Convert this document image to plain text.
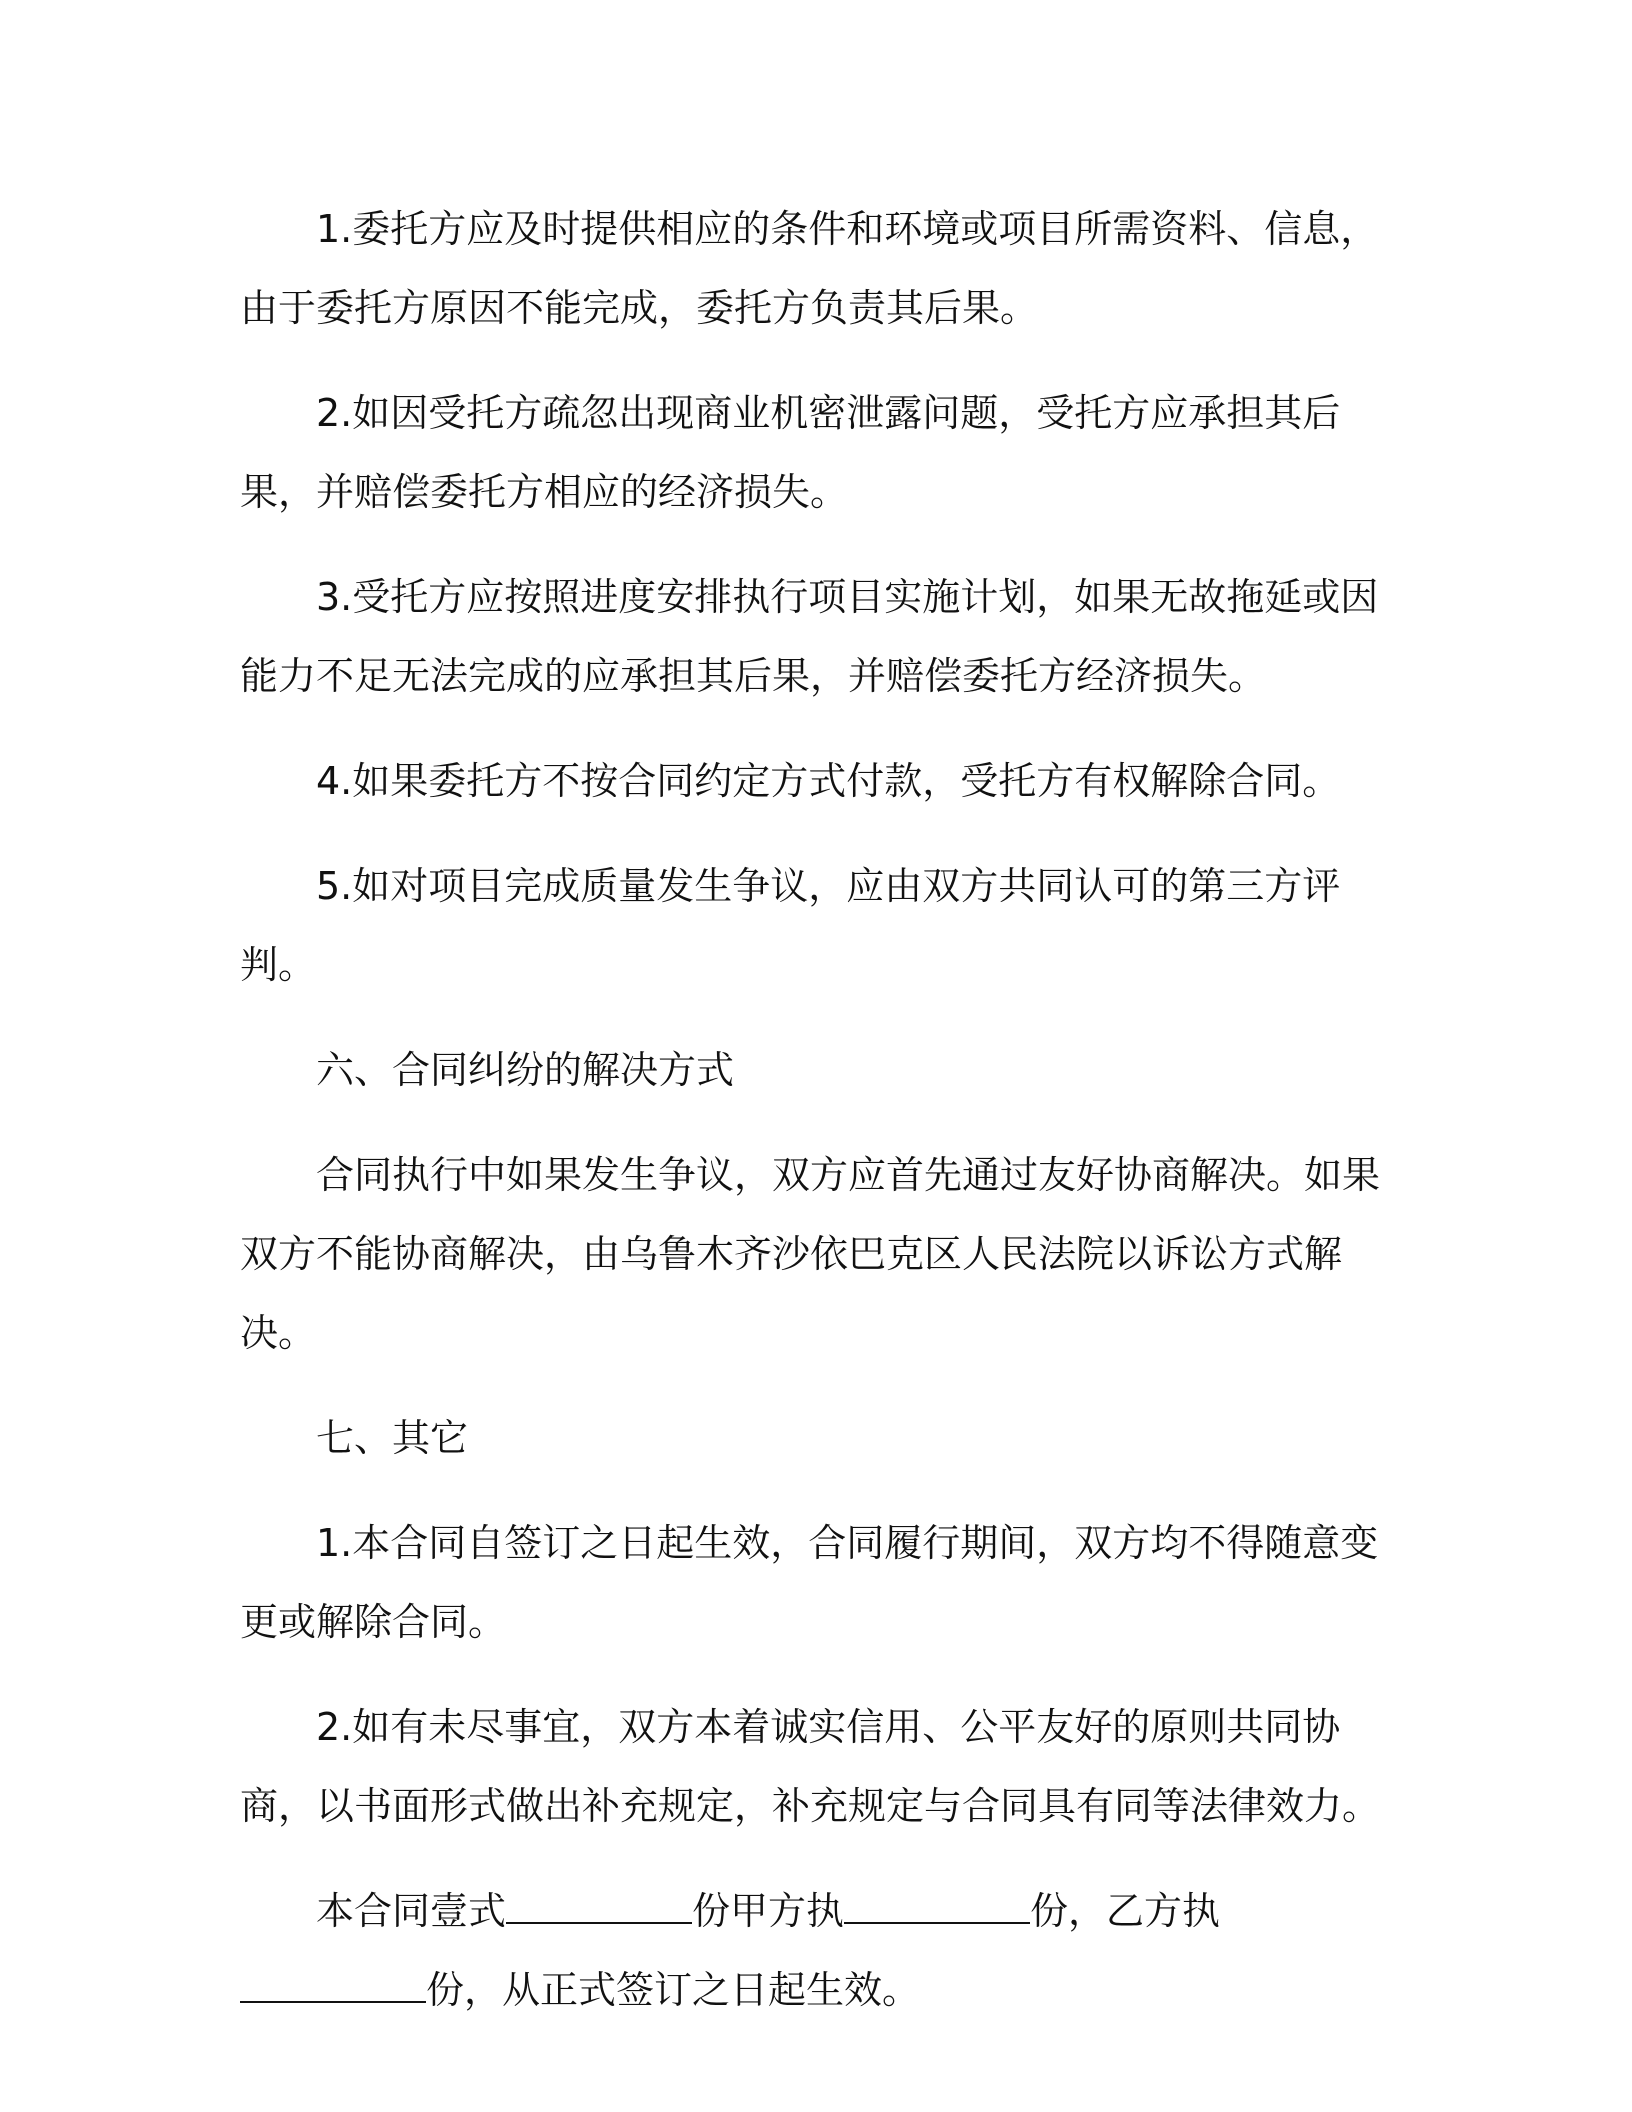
1.委托方应及时提供相应的条件和环境或项目所需资料、信息，由于委托方原因不能完成，委托方负责其后果。

2.如因受托方疏忽出现商业机密泄露问题，受托方应承担其后果，并赔偿委托方相应的经济损失。

3.受托方应按照进度安排执行项目实施计划，如果无故拖延或因能力不足无法完成的应承担其后果，并赔偿委托方经济损失。

4.如果委托方不按合同约定方式付款，受托方有权解除合同。

5.如对项目完成质量发生争议，应由双方共同认可的第三方评判。

六、合同纠纷的解决方式

合同执行中如果发生争议，双方应首先通过友好协商解决。如果双方不能协商解决，由乌鲁木齐沙依巴克区人民法院以诉讼方式解决。

七、其它

1.本合同自签订之日起生效，合同履行期间，双方均不得随意变更或解除合同。

2.如有未尽事宜，双方本着诚实信用、公平友好的原则共同协商，以书面形式做出补充规定，补充规定与合同具有同等法律效力。

本合同壹式	份甲方执	份，乙方执份，从正式签订之日起生效。
